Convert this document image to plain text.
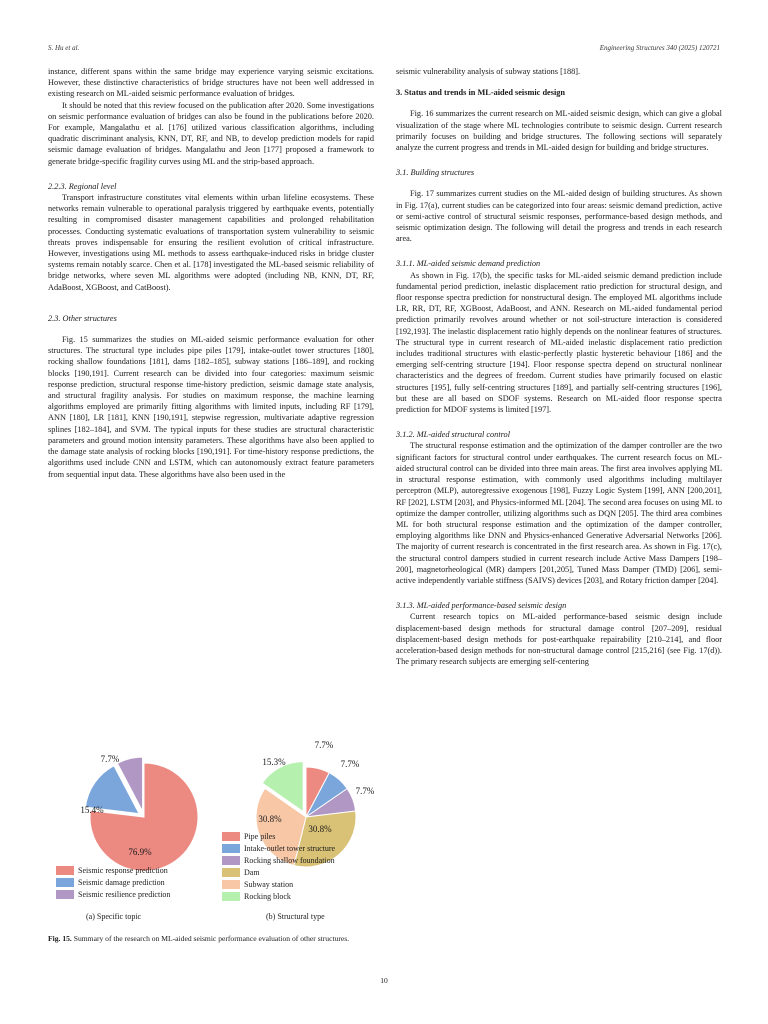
S. Hu et al.	Engineering Structures 340 (2025) 120721

instance, different spans within the same bridge may experience varying seismic excitations. However, these distinctive characteristics of bridge structures have not been well addressed in existing research on ML-aided seismic performance evaluation of bridges.

It should be noted that this review focused on the publication after 2020. Some investigations on seismic performance evaluation of bridges can also be found in the publications before 2020. For example, Mangalathu et al. [176] utilized various classification algorithms, including quadratic discriminant analysis, KNN, DT, RF, and NB, to develop prediction models for rapid seismic damage evaluation of bridges. Mangalathu and Jeon [177] proposed a framework to generate bridge-specific fragility curves using ML and the strip-based approach.

2.2.3. Regional level

Transport infrastructure constitutes vital elements within urban lifeline ecosystems. These networks remain vulnerable to operational paralysis triggered by earthquake events, potentially resulting in compromised disaster management capabilities and prolonged rehabilitation processes. Conducting systematic evaluations of transportation system vulnerability to seismic threats proves indispensable for ensuring the resilient evolution of critical infrastructure. However, investigations using ML methods to assess earthquake-induced risks in bridge cluster systems remain notably scarce. Chen et al. [178] investigated the ML-based seismic reliability of bridge networks, where seven ML algorithms were adopted (including NB, KNN, DT, RF, AdaBoost, XGBoost, and CatBoost).

2.3. Other structures

Fig. 15 summarizes the studies on ML-aided seismic performance evaluation for other structures. The structural type includes pipe piles [179], intake-outlet tower structures [180], rocking shallow foundations [181], dams [182–185], subway stations [186–189], and rocking blocks [190,191]. Current research can be divided into four categories: maximum seismic response prediction, structural response time-history prediction, seismic damage state analysis, and structural fragility analysis. For studies on maximum response, the machine learning algorithms employed are primarily fitting algorithms with limited inputs, including RF [179], ANN [180], LR [181], KNN [190,191], stepwise regression, multivariate adaptive regression splines [182–184], and SVM. The typical inputs for these studies are structural characteristic parameters and ground motion intensity parameters. These algorithms have also been applied to the damage state analysis of rocking blocks [190,191]. For time-history response predictions, the algorithms used include CNN and LSTM, which can autonomously extract feature parameters from sequential input data. These algorithms have also been used in the

seismic vulnerability analysis of subway stations [188].

3. Status and trends in ML-aided seismic design

Fig. 16 summarizes the current research on ML-aided seismic design, which can give a global visualization of the stage where ML technologies contribute to seismic design. Current research primarily focuses on building and bridge structures. The following sections will separately analyze the current progress and trends in ML-aided design for building and bridge structures.

3.1. Building structures

Fig. 17 summarizes current studies on the ML-aided design of building structures. As shown in Fig. 17(a), current studies can be categorized into four areas: seismic demand prediction, active or semi-active control of structural seismic responses, performance-based design methods, and seismic optimization design. The following will detail the progress and trends in each research area.

3.1.1. ML-aided seismic demand prediction

As shown in Fig. 17(b), the specific tasks for ML-aided seismic demand prediction include fundamental period prediction, inelastic displacement ratio prediction for structural design, and floor response spectra prediction for nonstructural design. The employed ML algorithms include LR, RR, DT, RF, XGBoost, AdaBoost, and ANN. Research on ML-aided fundamental period prediction primarily revolves around whether or not soil-structure interaction is considered [192,193]. The inelastic displacement ratio highly depends on the nonlinear features of structures. The structural type in current research of ML-aided inelastic displacement ratio prediction includes traditional structures with elastic-perfectly plastic hysteretic behaviour [186] and the emerging self-centring structure [194]. Floor response spectra depend on structural nonlinear characteristics and the degrees of freedom. Current studies have primarily focused on elastic structures [195], fully self-centring structures [189], and partially self-centring structures [196], but these are all based on SDOF systems. Research on ML-aided floor response spectra prediction for MDOF systems is limited [197].

3.1.2. ML-aided structural control

The structural response estimation and the optimization of the damper controller are the two significant factors for structural control under earthquakes. The current research focus on ML-aided structural control can be divided into three main areas. The first area involves applying ML in structural response estimation, with commonly used algorithms including multilayer perceptron (MLP), autoregressive exogenous [198], Fuzzy Logic System [199], ANN [200,201], RF [202], LSTM [203], and Physics-informed ML [204]. The second area focuses on using ML to optimize the damper controller, utilizing algorithms such as DQN [205]. The third area combines ML for both structural response estimation and the optimization of the damper controller, employing algorithms like DNN and Physics-enhanced Generative Adversarial Networks [206]. The majority of current research is concentrated in the first research area. As shown in Fig. 17(c), the structural control dampers studied in current research include Active Mass Dampers [198–200], magnetorheological (MR) dampers [201,205], Tuned Mass Damper (TMD) [206], semi-active independently variable stiffness (SAIVS) devices [203], and Rotary friction damper [204].

3.1.3. ML-aided performance-based seismic design

Current research topics on ML-aided performance-based seismic design include displacement-based design methods for structural damage control [207–209], residual displacement-based design methods for post-earthquake repairability [210–214], and floor acceleration-based design methods for non-structural damage control [215,216] (see Fig. 17(d)). The primary research subjects are emerging self-centering

76.9%
15.4%
7.7%
7.7%
7.7%
7.7%
30.8%
30.8%
15.3%
Seismic response prediction
Seismic damage prediction
Seismic resilience prediction
Pipe piles
Intake-outlet tower structure
Rocking shallow foundation
Dam
Subway station
Rocking block
(a) Specific topic	(b) Structural type
Fig. 15. Summary of the research on ML-aided seismic performance evaluation of other structures.
10
